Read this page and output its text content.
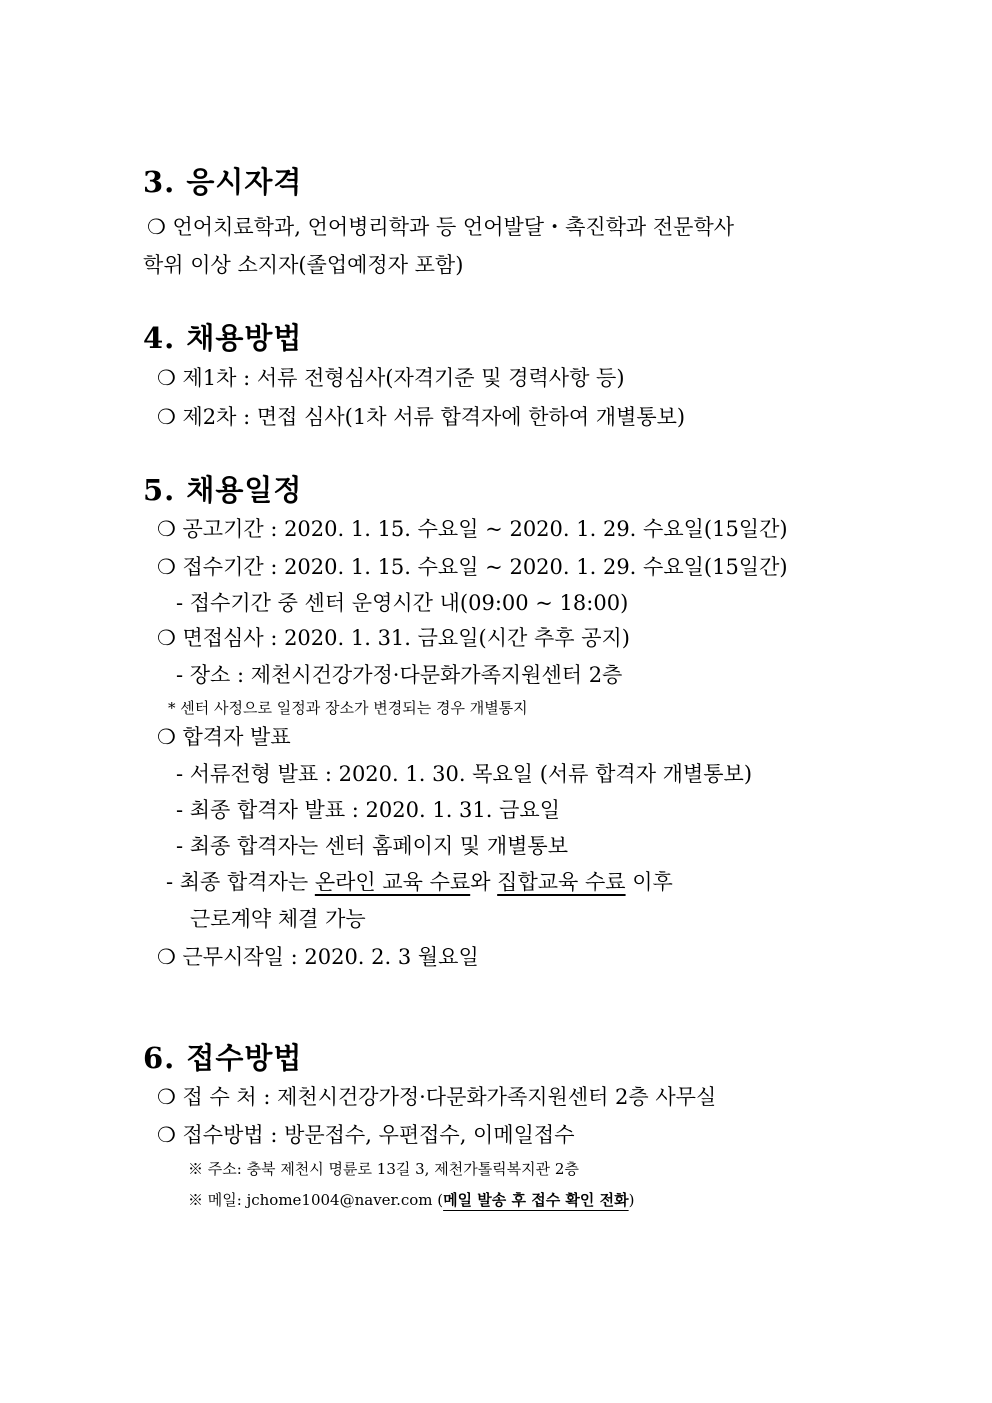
3. 응시자격
❍ 언어치료학과, 언어병리학과 등 언어발달・촉진학과 전문학사
학위 이상 소지자(졸업예정자 포함)
4. 채용방법
❍ 제1차 : 서류 전형심사(자격기준 및 경력사항 등)
❍ 제2차 : 면접 심사(1차 서류 합격자에 한하여 개별통보)
5. 채용일정
❍ 공고기간 : 2020. 1. 15. 수요일 ~ 2020. 1. 29. 수요일(15일간)
❍ 접수기간 : 2020. 1. 15. 수요일 ~ 2020. 1. 29. 수요일(15일간)
- 접수기간 중 센터 운영시간 내(09:00 ~ 18:00)
❍ 면접심사 : 2020. 1. 31. 금요일(시간 추후 공지)
- 장소 : 제천시건강가정·다문화가족지원센터 2층
* 센터 사정으로 일정과 장소가 변경되는 경우 개별통지
❍ 합격자 발표
- 서류전형 발표 : 2020. 1. 30. 목요일 (서류 합격자 개별통보)
- 최종 합격자 발표 : 2020. 1. 31. 금요일
- 최종 합격자는 센터 홈페이지 및 개별통보
- 최종 합격자는 온라인 교육 수료와 집합교육 수료 이후
근로계약 체결 가능
❍ 근무시작일 : 2020. 2. 3 월요일
6. 접수방법
❍ 접 수 처 : 제천시건강가정·다문화가족지원센터 2층 사무실
❍ 접수방법 : 방문접수, 우편접수, 이메일접수
※ 주소: 충북 제천시 명륜로 13길 3, 제천가톨릭복지관 2층
※ 메일: jchome1004@naver.com (메일 발송 후 접수 확인 전화)
